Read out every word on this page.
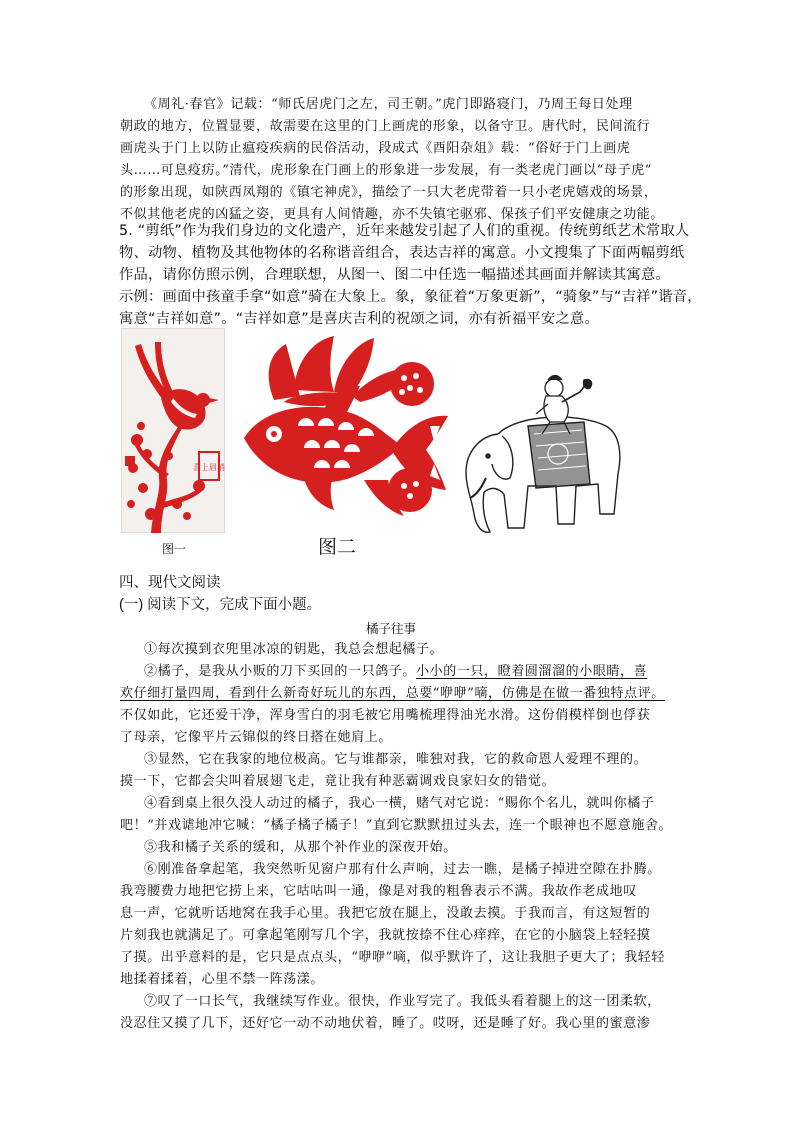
《周礼·春官》记载：“师氏居虎门之左，司王朝。”虎门即路寝门，乃周王每日处理
朝政的地方，位置显要，故需要在这里的门上画虎的形象，以备守卫。唐代时，民间流行
画虎头于门上以防止瘟疫疾病的民俗活动，段成式《酉阳杂俎》载：“俗好于门上画虎
头……可息疫疠。”清代，虎形象在门画上的形象进一步发展，有一类老虎门画以“母子虎”
的形象出现，如陕西凤翔的《镇宅神虎》，描绘了一只大老虎带着一只小老虎嬉戏的场景，
不似其他老虎的凶猛之姿，更具有人间情趣，亦不失镇宅驱邪、保孩子们平安健康之功能。
5. “剪纸”作为我们身边的文化遗产，近年来越发引起了人们的重视。传统剪纸艺术常取人
物、动物、植物及其他物体的名称谐音组合，表达吉祥的寓意。小文搜集了下面两幅剪纸
作品，请你仿照示例，合理联想，从图一、图二中任选一幅描述其画面并解读其寓意。
示例：画面中孩童手拿“如意”骑在大象上。象，象征着“万象更新”，“骑象”与“吉祥”谐音，
寓意“吉祥如意”。“吉祥如意”是喜庆吉利的祝颂之词，亦有祈福平安之意。
喜上眉梢
图一	图二
四、现代文阅读
(一) 阅读下文，完成下面小题。
橘子往事
①每次摸到衣兜里冰凉的钥匙，我总会想起橘子。
②橘子，是我从小贩的刀下买回的一只鸽子。小小的一只，瞪着圆溜溜的小眼睛，喜
欢仔细打量四周，看到什么新奇好玩儿的东西，总要“咿咿”嘀，仿佛是在做一番独特点评。
不仅如此，它还爱干净，浑身雪白的羽毛被它用嘴梳理得油光水滑。这份俏模样倒也俘获
了母亲，它像平片云锦似的终日搭在她肩上。
③显然，它在我家的地位极高。它与谁都亲，唯独对我，它的救命恩人爱理不理的。
摸一下，它都会尖叫着展翅飞走，竟让我有种恶霸调戏良家妇女的错觉。
④看到桌上很久没人动过的橘子，我心一横，赌气对它说：“赐你个名儿，就叫你橘子
吧！”并戏谑地冲它喊：“橘子橘子橘子！”直到它默默扭过头去，连一个眼神也不愿意施舍。
⑤我和橘子关系的缓和，从那个补作业的深夜开始。
⑥刚准备拿起笔，我突然听见窗户那有什么声响，过去一瞧，是橘子掉进空隙在扑腾。
我弯腰费力地把它捞上来，它咕咕叫一通，像是对我的粗鲁表示不满。我故作老成地叹
息一声，它就听话地窝在我手心里。我把它放在腿上，没敢去摸。于我而言，有这短暂的
片刻我也就满足了。可拿起笔刚写几个字，我就按捺不住心痒痒，在它的小脑袋上轻轻摸
了摸。出乎意料的是，它只是点点头，“咿咿”嘀，似乎默许了，这让我胆子更大了；我轻轻
地揉着揉着，心里不禁一阵荡漾。
⑦叹了一口长气，我继续写作业。很快，作业写完了。我低头看着腿上的这一团柔软，
没忍住又摸了几下，还好它一动不动地伏着，睡了。哎呀，还是睡了好。我心里的蜜意渗
